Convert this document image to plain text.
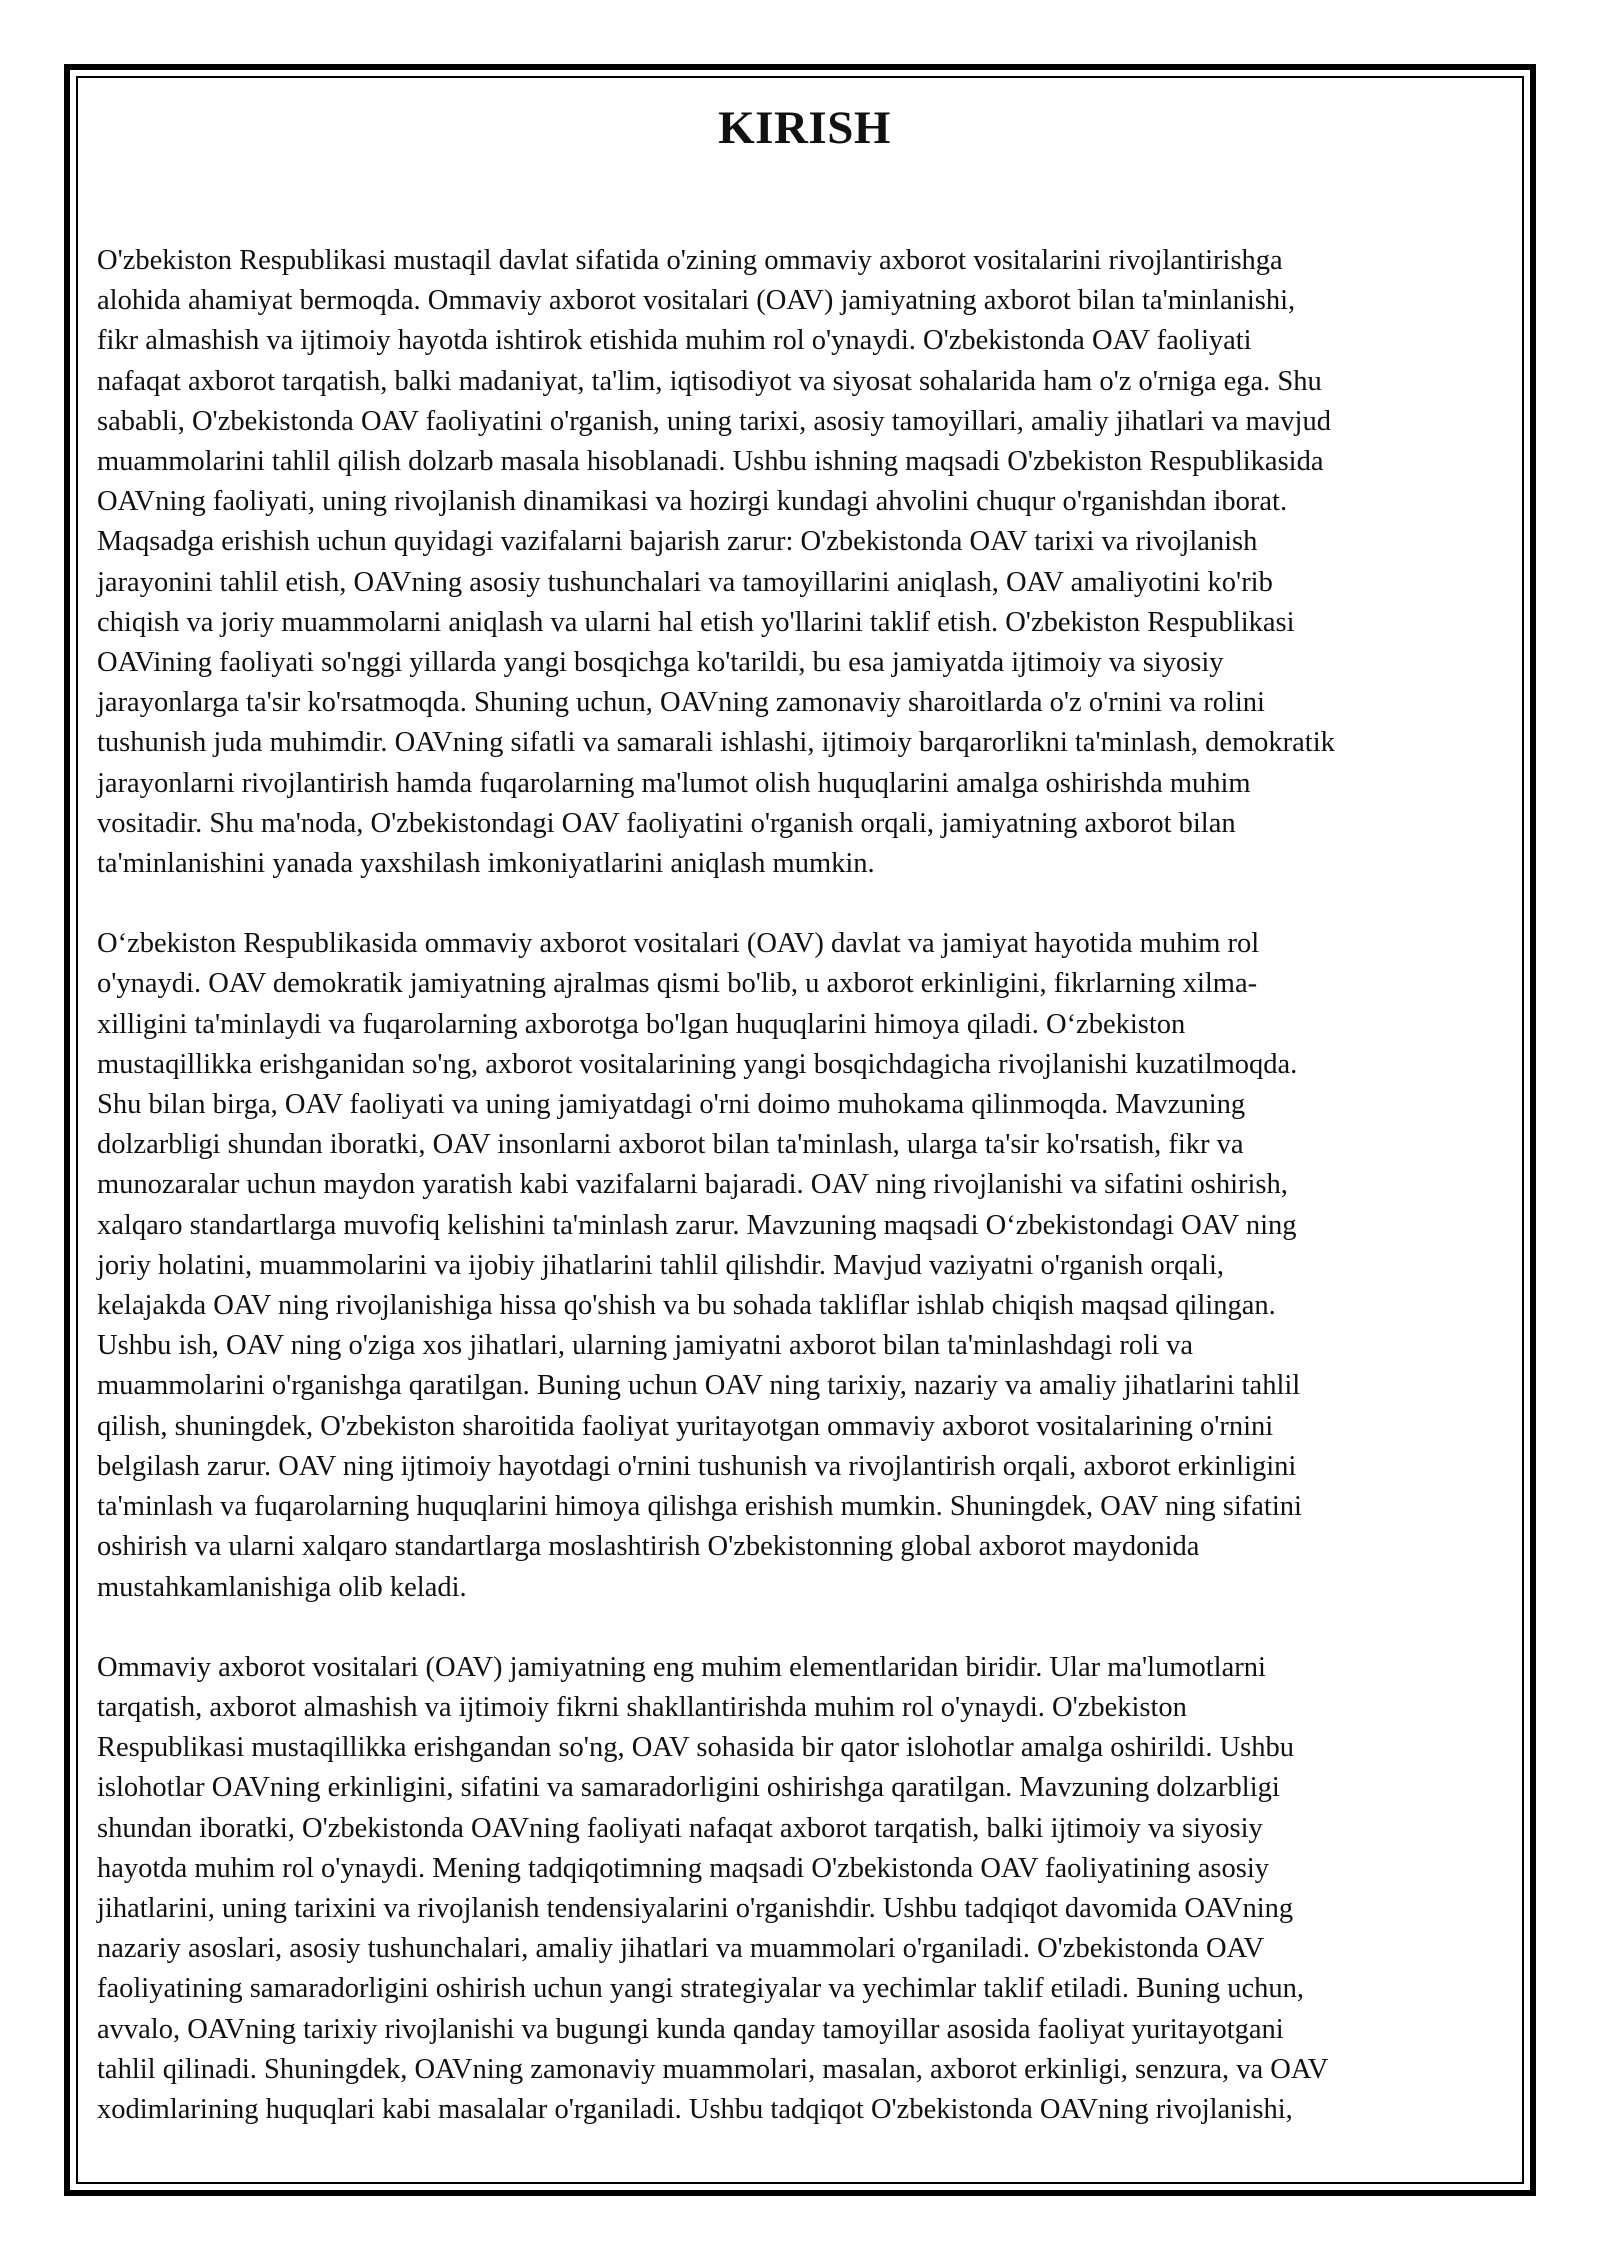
KIRISH

O'zbekiston Respublikasi mustaqil davlat sifatida o'zining ommaviy axborot vositalarini rivojlantirishga
alohida ahamiyat bermoqda. Ommaviy axborot vositalari (OAV) jamiyatning axborot bilan ta'minlanishi,
fikr almashish va ijtimoiy hayotda ishtirok etishida muhim rol o'ynaydi. O'zbekistonda OAV faoliyati
nafaqat axborot tarqatish, balki madaniyat, ta'lim, iqtisodiyot va siyosat sohalarida ham o'z o'rniga ega. Shu
sababli, O'zbekistonda OAV faoliyatini o'rganish, uning tarixi, asosiy tamoyillari, amaliy jihatlari va mavjud
muammolarini tahlil qilish dolzarb masala hisoblanadi. Ushbu ishning maqsadi O'zbekiston Respublikasida
OAVning faoliyati, uning rivojlanish dinamikasi va hozirgi kundagi ahvolini chuqur o'rganishdan iborat.
Maqsadga erishish uchun quyidagi vazifalarni bajarish zarur: O'zbekistonda OAV tarixi va rivojlanish
jarayonini tahlil etish, OAVning asosiy tushunchalari va tamoyillarini aniqlash, OAV amaliyotini ko'rib
chiqish va joriy muammolarni aniqlash va ularni hal etish yo'llarini taklif etish. O'zbekiston Respublikasi
OAVining faoliyati so'nggi yillarda yangi bosqichga ko'tarildi, bu esa jamiyatda ijtimoiy va siyosiy
jarayonlarga ta'sir ko'rsatmoqda. Shuning uchun, OAVning zamonaviy sharoitlarda o'z o'rnini va rolini
tushunish juda muhimdir. OAVning sifatli va samarali ishlashi, ijtimoiy barqarorlikni ta'minlash, demokratik
jarayonlarni rivojlantirish hamda fuqarolarning ma'lumot olish huquqlarini amalga oshirishda muhim
vositadir. Shu ma'noda, O'zbekistondagi OAV faoliyatini o'rganish orqali, jamiyatning axborot bilan
ta'minlanishini yanada yaxshilash imkoniyatlarini aniqlash mumkin.

O‘zbekiston Respublikasida ommaviy axborot vositalari (OAV) davlat va jamiyat hayotida muhim rol
o'ynaydi. OAV demokratik jamiyatning ajralmas qismi bo'lib, u axborot erkinligini, fikrlarning xilma-
xilligini ta'minlaydi va fuqarolarning axborotga bo'lgan huquqlarini himoya qiladi. O‘zbekiston
mustaqillikka erishganidan so'ng, axborot vositalarining yangi bosqichdagicha rivojlanishi kuzatilmoqda.
Shu bilan birga, OAV faoliyati va uning jamiyatdagi o'rni doimo muhokama qilinmoqda. Mavzuning
dolzarbligi shundan iboratki, OAV insonlarni axborot bilan ta'minlash, ularga ta'sir ko'rsatish, fikr va
munozaralar uchun maydon yaratish kabi vazifalarni bajaradi. OAV ning rivojlanishi va sifatini oshirish,
xalqaro standartlarga muvofiq kelishini ta'minlash zarur. Mavzuning maqsadi O‘zbekistondagi OAV ning
joriy holatini, muammolarini va ijobiy jihatlarini tahlil qilishdir. Mavjud vaziyatni o'rganish orqali,
kelajakda OAV ning rivojlanishiga hissa qo'shish va bu sohada takliflar ishlab chiqish maqsad qilingan.
Ushbu ish, OAV ning o'ziga xos jihatlari, ularning jamiyatni axborot bilan ta'minlashdagi roli va
muammolarini o'rganishga qaratilgan. Buning uchun OAV ning tarixiy, nazariy va amaliy jihatlarini tahlil
qilish, shuningdek, O'zbekiston sharoitida faoliyat yuritayotgan ommaviy axborot vositalarining o'rnini
belgilash zarur. OAV ning ijtimoiy hayotdagi o'rnini tushunish va rivojlantirish orqali, axborot erkinligini
ta'minlash va fuqarolarning huquqlarini himoya qilishga erishish mumkin. Shuningdek, OAV ning sifatini
oshirish va ularni xalqaro standartlarga moslashtirish O'zbekistonning global axborot maydonida
mustahkamlanishiga olib keladi.

Ommaviy axborot vositalari (OAV) jamiyatning eng muhim elementlaridan biridir. Ular ma'lumotlarni
tarqatish, axborot almashish va ijtimoiy fikrni shakllantirishda muhim rol o'ynaydi. O'zbekiston
Respublikasi mustaqillikka erishgandan so'ng, OAV sohasida bir qator islohotlar amalga oshirildi. Ushbu
islohotlar OAVning erkinligini, sifatini va samaradorligini oshirishga qaratilgan. Mavzuning dolzarbligi
shundan iboratki, O'zbekistonda OAVning faoliyati nafaqat axborot tarqatish, balki ijtimoiy va siyosiy
hayotda muhim rol o'ynaydi. Mening tadqiqotimning maqsadi O'zbekistonda OAV faoliyatining asosiy
jihatlarini, uning tarixini va rivojlanish tendensiyalarini o'rganishdir. Ushbu tadqiqot davomida OAVning
nazariy asoslari, asosiy tushunchalari, amaliy jihatlari va muammolari o'rganiladi. O'zbekistonda OAV
faoliyatining samaradorligini oshirish uchun yangi strategiyalar va yechimlar taklif etiladi. Buning uchun,
avvalo, OAVning tarixiy rivojlanishi va bugungi kunda qanday tamoyillar asosida faoliyat yuritayotgani
tahlil qilinadi. Shuningdek, OAVning zamonaviy muammolari, masalan, axborot erkinligi, senzura, va OAV
xodimlarining huquqlari kabi masalalar o'rganiladi. Ushbu tadqiqot O'zbekistonda OAVning rivojlanishi,
